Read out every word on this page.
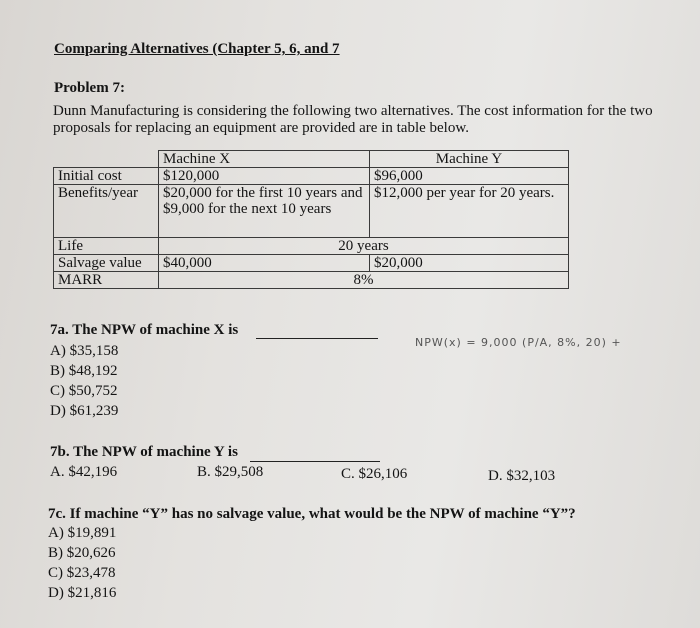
Comparing Alternatives (Chapter 5, 6, and 7
Problem 7:
Dunn Manufacturing is considering the following two alternatives. The cost information for the two proposals for replacing an equipment are provided are in table below.
	Machine X	Machine Y
Initial cost	$120,000	$96,000
Benefits/year	$20,000 for the first 10 years and $9,000 for the next 10 years	$12,000 per year for 20 years.
Life	20 years	
Salvage value	$40,000	$20,000
MARR	8%	
7a. The NPW of machine X is
NPW(x) = 9,000 (P/A, 8%, 20) +
A) $35,158
B) $48,192
C) $50,752
D) $61,239
7b. The NPW of machine Y is
A. $42,196	B. $29,508	C. $26,106	D. $32,103
7c. If machine “Y” has no salvage value, what would be the NPW of machine “Y”?
A) $19,891
B) $20,626
C) $23,478
D) $21,816
